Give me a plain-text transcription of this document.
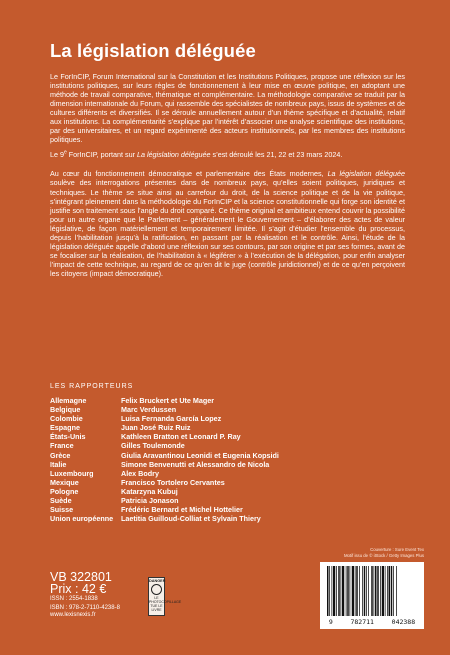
La législation déléguée

Le ForInCIP, Forum International sur la Constitution et les Institutions Politiques, propose une réflexion sur les institutions politiques, sur leurs règles de fonctionnement à leur mise en œuvre politique, en adoptant une méthode de travail comparative, thématique et complémentaire. La méthodologie comparative se traduit par la dimension internationale du Forum, qui rassemble des spécialistes de nombreux pays, issus de systèmes et de cultures différents et diversifiés. Il se déroule annuellement autour d’un thème spécifique et d’actualité, relatif aux institutions. La complémentarité s’explique par l’intérêt d’associer une analyse scientifique des institutions, par des universitaires, et un regard expérimenté des acteurs institutionnels, par les membres des institutions politiques.

Le 9e ForInCIP, portant sur La législation déléguée s’est déroulé les 21, 22 et 23 mars 2024.

Au cœur du fonctionnement démocratique et parlementaire des États modernes, La législation déléguée soulève des interrogations présentes dans de nombreux pays, qu’elles soient politiques, juridiques et techniques. Le thème se situe ainsi au carrefour du droit, de la science politique et de la vie politique, s’intégrant pleinement dans la méthodologie du ForInCIP et la science constitutionnelle qui forge son identité et justifie son traitement sous l’angle du droit comparé. Ce thème original et ambitieux entend couvrir la possibilité pour un autre organe que le Parlement – généralement le Gouvernement – d’élaborer des actes de valeur législative, de façon matériellement et temporairement limitée. Il s’agit d’étudier l’ensemble du processus, depuis l’habilitation jusqu’à la ratification, en passant par la réalisation et le contrôle. Ainsi, l’étude de la législation déléguée appelle d’abord une réflexion sur ses contours, par son origine et par ses formes, avant de se focaliser sur la réalisation, de l’habilitation à « légiférer » à l’exécution de la délégation, pour enfin analyser l’impact de cette technique, au regard de ce qu’en dit le juge (contrôle juridictionnel) et de ce qu’en perçoivent les citoyens (impact démocratique).

LES RAPPORTEURS
Allemagne	Felix Bruckert et Ute Mager
Belgique	Marc Verdussen
Colombie	Luisa Fernanda García Lopez
Espagne	Juan José Ruiz Ruiz
États-Unis	Kathleen Bratton et Leonard P. Ray
France	Gilles Toulemonde
Grèce	Giulia Aravantinou Leonidi et Eugenia Kopsidi
Italie	Simone Benvenutti et Alessandro de Nicola
Luxembourg	Alex Bodry
Mexique	Francisco Tortolero Cervantes
Pologne	Katarzyna Kubuj
Suède	Patricia Jonason
Suisse	Frédéric Bernard et Michel Hottelier
Union européenne	Laetitia Guilloud-Colliat et Sylvain Thiery
Couverture : Sure Event Tex
Motif issu de © iStock / Getty Images Plus
VB 322801
Prix : 42 €
ISSN : 2554-1838
ISBN : 978-2-7110-4238-8
www.lexisnexis.fr
DANGER
LE PHOTOCOPILLAGE TUE LE LIVRE
9	782711	042388
